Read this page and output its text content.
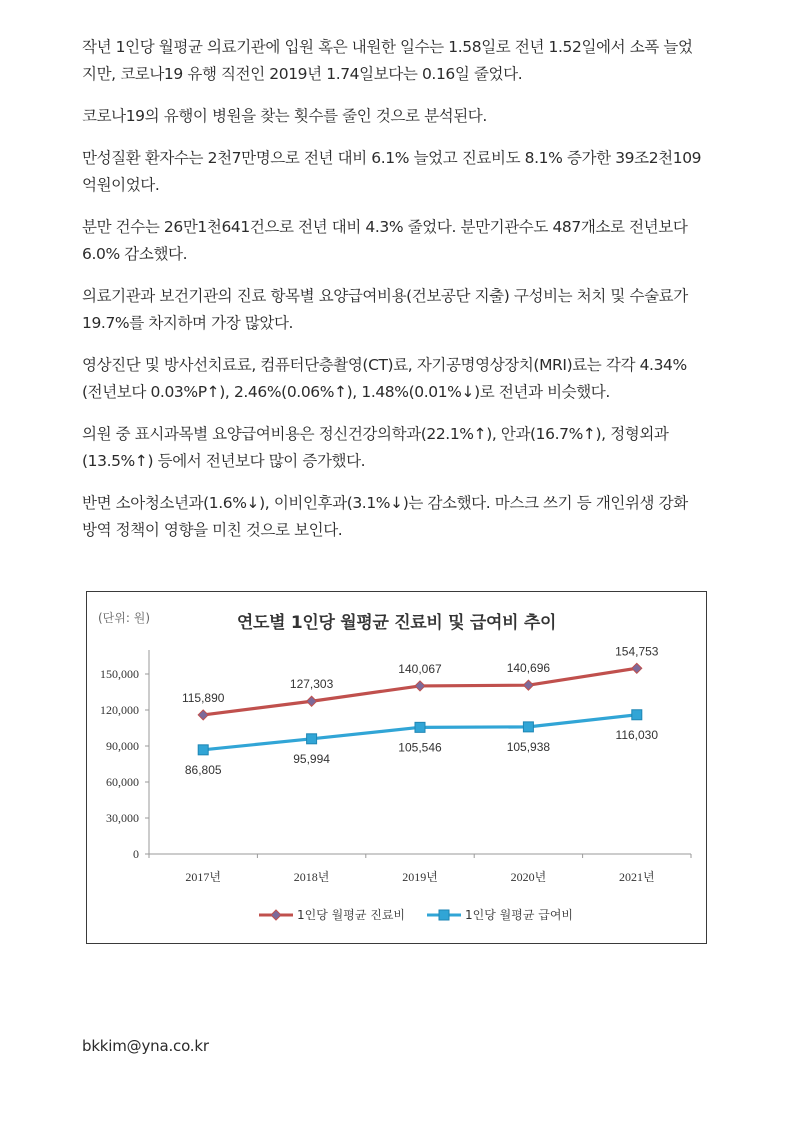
작년 1인당 월평균 의료기관에 입원 혹은 내원한 일수는 1.58일로 전년 1.52일에서 소폭 늘었
지만, 코로나19 유행 직전인 2019년 1.74일보다는 0.16일 줄었다.

코로나19의 유행이 병원을 찾는 횟수를 줄인 것으로 분석된다.

만성질환 환자수는 2천7만명으로 전년 대비 6.1% 늘었고 진료비도 8.1% 증가한 39조2천109
억원이었다.

분만 건수는 26만1천641건으로 전년 대비 4.3% 줄었다. 분만기관수도 487개소로 전년보다
6.0% 감소했다.

의료기관과 보건기관의 진료 항목별 요양급여비용(건보공단 지출) 구성비는 처치 및 수술료가
19.7%를 차지하며 가장 많았다.

영상진단 및 방사선치료료, 컴퓨터단층촬영(CT)료, 자기공명영상장치(MRI)료는 각각 4.34%
(전년보다 0.03%P↑), 2.46%(0.06%↑), 1.48%(0.01%↓)로 전년과 비슷했다.

의원 중 표시과목별 요양급여비용은 정신건강의학과(22.1%↑), 안과(16.7%↑), 정형외과
(13.5%↑) 등에서 전년보다 많이 증가했다.

반면 소아청소년과(1.6%↓), 이비인후과(3.1%↓)는 감소했다. 마스크 쓰기 등 개인위생 강화
방역 정책이 영향을 미친 것으로 보인다.

(단위: 원)	연도별 1인당 월평균 진료비 및 급여비 추이
0
30,000
60,000
90,000
120,000
150,000
2017년	2018년	2019년	2020년	2021년
115,890
127,303
140,067	140,696
154,753
86,805
95,994
105,546	105,938
116,030
1인당 월평균 진료비	1인당 월평균 급여비
bkkim@yna.co.kr
